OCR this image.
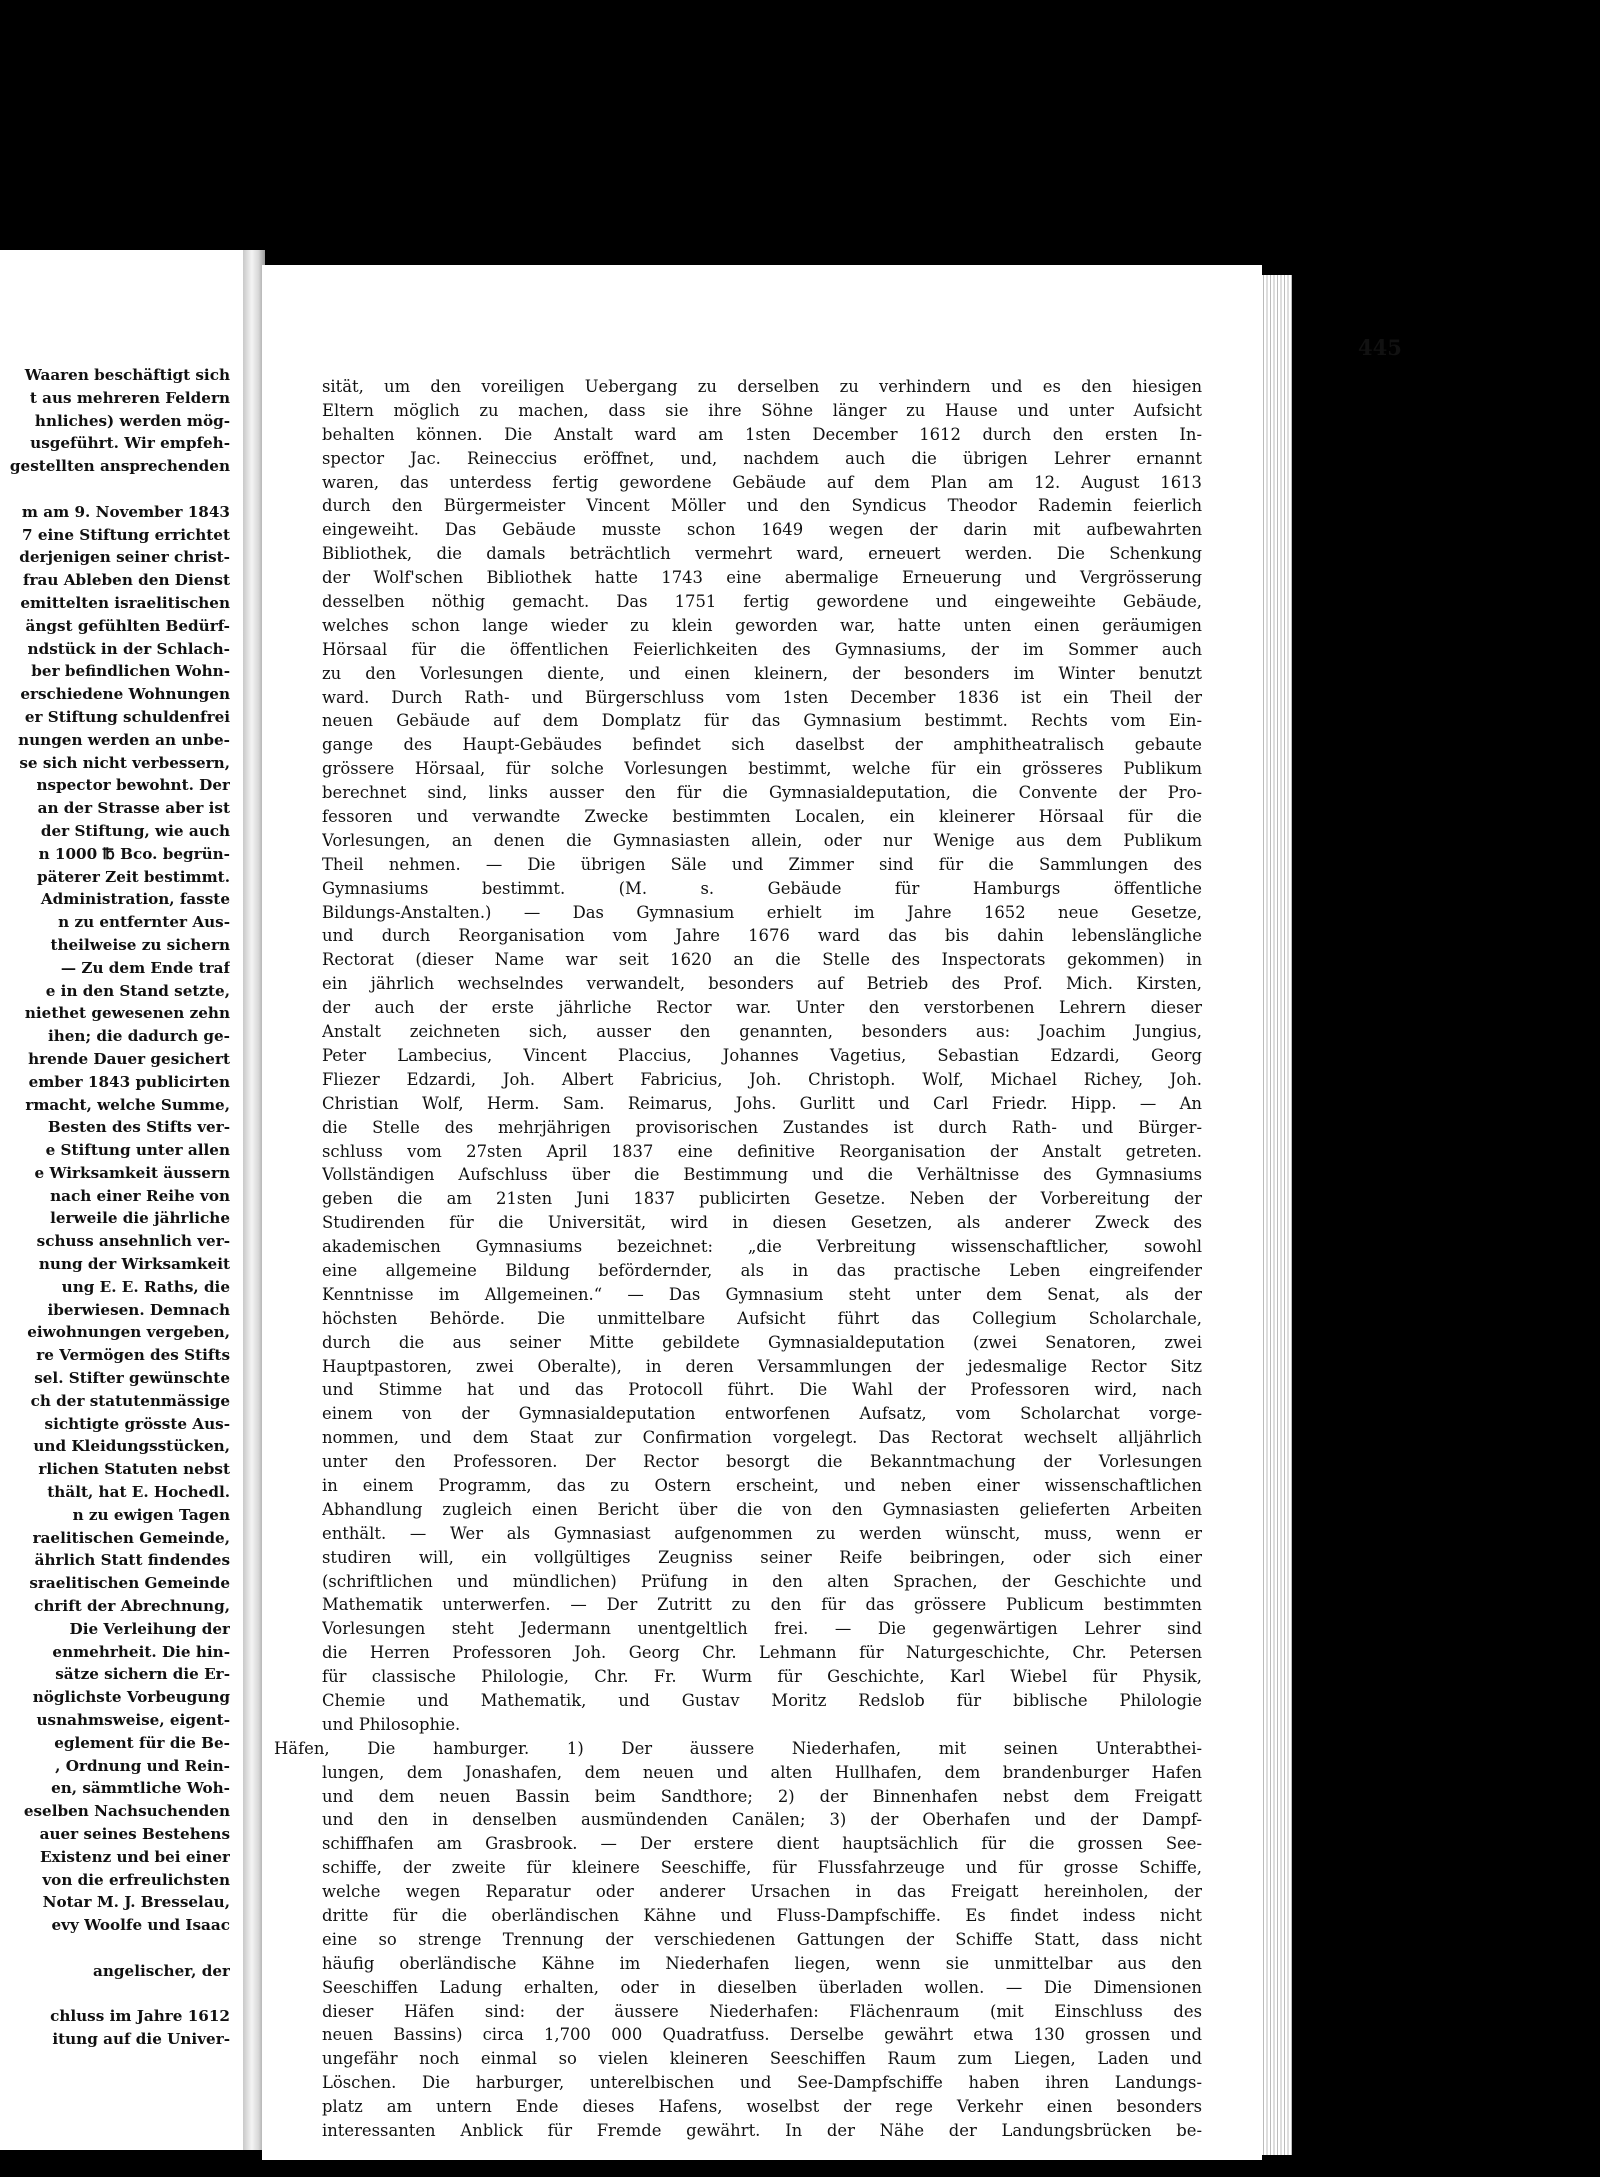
Waaren beschäftigt sich
t aus mehreren Feldern
hnliches) werden mög-
usgeführt. Wir empfeh-
gestellten ansprechenden

m am 9. November 1843
7 eine Stiftung errichtet
derjenigen seiner christ-
frau Ableben den Dienst
emittelten israelitischen
ängst gefühlten Bedürf-
ndstück in der Schlach-
ber befindlichen Wohn-
erschiedene Wohnungen
er Stiftung schuldenfrei
nungen werden an unbe-
se sich nicht verbessern,
nspector bewohnt. Der
an der Strasse aber ist
der Stiftung, wie auch
n 1000 ℔ Bco. begrün-
päterer Zeit bestimmt.
Administration, fasste
n zu entfernter Aus-
theilweise zu sichern
— Zu dem Ende traf
e in den Stand setzte,
niethet gewesenen zehn
ihen; die dadurch ge-
hrende Dauer gesichert
ember 1843 publicirten
rmacht, welche Summe,
Besten des Stifts ver-
e Stiftung unter allen
e Wirksamkeit äussern
nach einer Reihe von
lerweile die jährliche
schuss ansehnlich ver-
nung der Wirksamkeit
ung E. E. Raths, die
iberwiesen. Demnach
eiwohnungen vergeben,
re Vermögen des Stifts
sel. Stifter gewünschte
ch der statutenmässige
sichtigte grösste Aus-
und Kleidungsstücken,
rlichen Statuten nebst
thält, hat E. Hochedl.
n zu ewigen Tagen
raelitischen Gemeinde,
ährlich Statt findendes
sraelitischen Gemeinde
chrift der Abrechnung,
Die Verleihung der
enmehrheit. Die hin-
sätze sichern die Er-
nöglichste Vorbeugung
usnahmsweise, eigent-
eglement für die Be-
, Ordnung und Rein-
en, sämmtliche Woh-
eselben Nachsuchenden
auer seines Bestehens
Existenz und bei einer
von die erfreulichsten
Notar M. J. Bresselau,
evy Woolfe und Isaac

angelischer, der

chluss im Jahre 1612
itung auf die Univer-
445
sität, um den voreiligen Uebergang zu derselben zu verhindern und es den hiesigen
Eltern möglich zu machen, dass sie ihre Söhne länger zu Hause und unter Aufsicht
behalten können. Die Anstalt ward am 1sten December 1612 durch den ersten In-
spector Jac. Reineccius eröffnet, und, nachdem auch die übrigen Lehrer ernannt
waren, das unterdess fertig gewordene Gebäude auf dem Plan am 12. August 1613
durch den Bürgermeister Vincent Möller und den Syndicus Theodor Rademin feierlich
eingeweiht. Das Gebäude musste schon 1649 wegen der darin mit aufbewahrten
Bibliothek, die damals beträchtlich vermehrt ward, erneuert werden. Die Schenkung
der Wolf'schen Bibliothek hatte 1743 eine abermalige Erneuerung und Vergrösserung
desselben nöthig gemacht. Das 1751 fertig gewordene und eingeweihte Gebäude,
welches schon lange wieder zu klein geworden war, hatte unten einen geräumigen
Hörsaal für die öffentlichen Feierlichkeiten des Gymnasiums, der im Sommer auch
zu den Vorlesungen diente, und einen kleinern, der besonders im Winter benutzt
ward. Durch Rath- und Bürgerschluss vom 1sten December 1836 ist ein Theil der
neuen Gebäude auf dem Domplatz für das Gymnasium bestimmt. Rechts vom Ein-
gange des Haupt-Gebäudes befindet sich daselbst der amphitheatralisch gebaute
grössere Hörsaal, für solche Vorlesungen bestimmt, welche für ein grösseres Publikum
berechnet sind, links ausser den für die Gymnasialdeputation, die Convente der Pro-
fessoren und verwandte Zwecke bestimmten Localen, ein kleinerer Hörsaal für die
Vorlesungen, an denen die Gymnasiasten allein, oder nur Wenige aus dem Publikum
Theil nehmen. — Die übrigen Säle und Zimmer sind für die Sammlungen des
Gymnasiums bestimmt. (M. s. Gebäude für Hamburgs öffentliche
Bildungs-Anstalten.) — Das Gymnasium erhielt im Jahre 1652 neue Gesetze,
und durch Reorganisation vom Jahre 1676 ward das bis dahin lebenslängliche
Rectorat (dieser Name war seit 1620 an die Stelle des Inspectorats gekommen) in
ein jährlich wechselndes verwandelt, besonders auf Betrieb des Prof. Mich. Kirsten,
der auch der erste jährliche Rector war. Unter den verstorbenen Lehrern dieser
Anstalt zeichneten sich, ausser den genannten, besonders aus: Joachim Jungius,
Peter Lambecius, Vincent Placcius, Johannes Vagetius, Sebastian Edzardi, Georg
Fliezer Edzardi, Joh. Albert Fabricius, Joh. Christoph. Wolf, Michael Richey, Joh.
Christian Wolf, Herm. Sam. Reimarus, Johs. Gurlitt und Carl Friedr. Hipp. — An
die Stelle des mehrjährigen provisorischen Zustandes ist durch Rath- und Bürger-
schluss vom 27sten April 1837 eine definitive Reorganisation der Anstalt getreten.
Vollständigen Aufschluss über die Bestimmung und die Verhältnisse des Gymnasiums
geben die am 21sten Juni 1837 publicirten Gesetze. Neben der Vorbereitung der
Studirenden für die Universität, wird in diesen Gesetzen, als anderer Zweck des
akademischen Gymnasiums bezeichnet: „die Verbreitung wissenschaftlicher, sowohl
eine allgemeine Bildung befördernder, als in das practische Leben eingreifender
Kenntnisse im Allgemeinen.“ — Das Gymnasium steht unter dem Senat, als der
höchsten Behörde. Die unmittelbare Aufsicht führt das Collegium Scholarchale,
durch die aus seiner Mitte gebildete Gymnasialdeputation (zwei Senatoren, zwei
Hauptpastoren, zwei Oberalte), in deren Versammlungen der jedesmalige Rector Sitz
und Stimme hat und das Protocoll führt. Die Wahl der Professoren wird, nach
einem von der Gymnasialdeputation entworfenen Aufsatz, vom Scholarchat vorge-
nommen, und dem Staat zur Confirmation vorgelegt. Das Rectorat wechselt alljährlich
unter den Professoren. Der Rector besorgt die Bekanntmachung der Vorlesungen
in einem Programm, das zu Ostern erscheint, und neben einer wissenschaftlichen
Abhandlung zugleich einen Bericht über die von den Gymnasiasten gelieferten Arbeiten
enthält. — Wer als Gymnasiast aufgenommen zu werden wünscht, muss, wenn er
studiren will, ein vollgültiges Zeugniss seiner Reife beibringen, oder sich einer
(schriftlichen und mündlichen) Prüfung in den alten Sprachen, der Geschichte und
Mathematik unterwerfen. — Der Zutritt zu den für das grössere Publicum bestimmten
Vorlesungen steht Jedermann unentgeltlich frei. — Die gegenwärtigen Lehrer sind
die Herren Professoren Joh. Georg Chr. Lehmann für Naturgeschichte, Chr. Petersen
für classische Philologie, Chr. Fr. Wurm für Geschichte, Karl Wiebel für Physik,
Chemie und Mathematik, und Gustav Moritz Redslob für biblische Philologie
und Philosophie.
Häfen, Die hamburger. 1) Der äussere Niederhafen, mit seinen Unterabthei-
lungen, dem Jonashafen, dem neuen und alten Hullhafen, dem brandenburger Hafen
und dem neuen Bassin beim Sandthore; 2) der Binnenhafen nebst dem Freigatt
und den in denselben ausmündenden Canälen; 3) der Oberhafen und der Dampf-
schiffhafen am Grasbrook. — Der erstere dient hauptsächlich für die grossen See-
schiffe, der zweite für kleinere Seeschiffe, für Flussfahrzeuge und für grosse Schiffe,
welche wegen Reparatur oder anderer Ursachen in das Freigatt hereinholen, der
dritte für die oberländischen Kähne und Fluss-Dampfschiffe. Es findet indess nicht
eine so strenge Trennung der verschiedenen Gattungen der Schiffe Statt, dass nicht
häufig oberländische Kähne im Niederhafen liegen, wenn sie unmittelbar aus den
Seeschiffen Ladung erhalten, oder in dieselben überladen wollen. — Die Dimensionen
dieser Häfen sind: der äussere Niederhafen: Flächenraum (mit Einschluss des
neuen Bassins) circa 1,700 000 Quadratfuss. Derselbe gewährt etwa 130 grossen und
ungefähr noch einmal so vielen kleineren Seeschiffen Raum zum Liegen, Laden und
Löschen. Die harburger, unterelbischen und See-Dampfschiffe haben ihren Landungs-
platz am untern Ende dieses Hafens, woselbst der rege Verkehr einen besonders
interessanten Anblick für Fremde gewährt. In der Nähe der Landungsbrücken be-
